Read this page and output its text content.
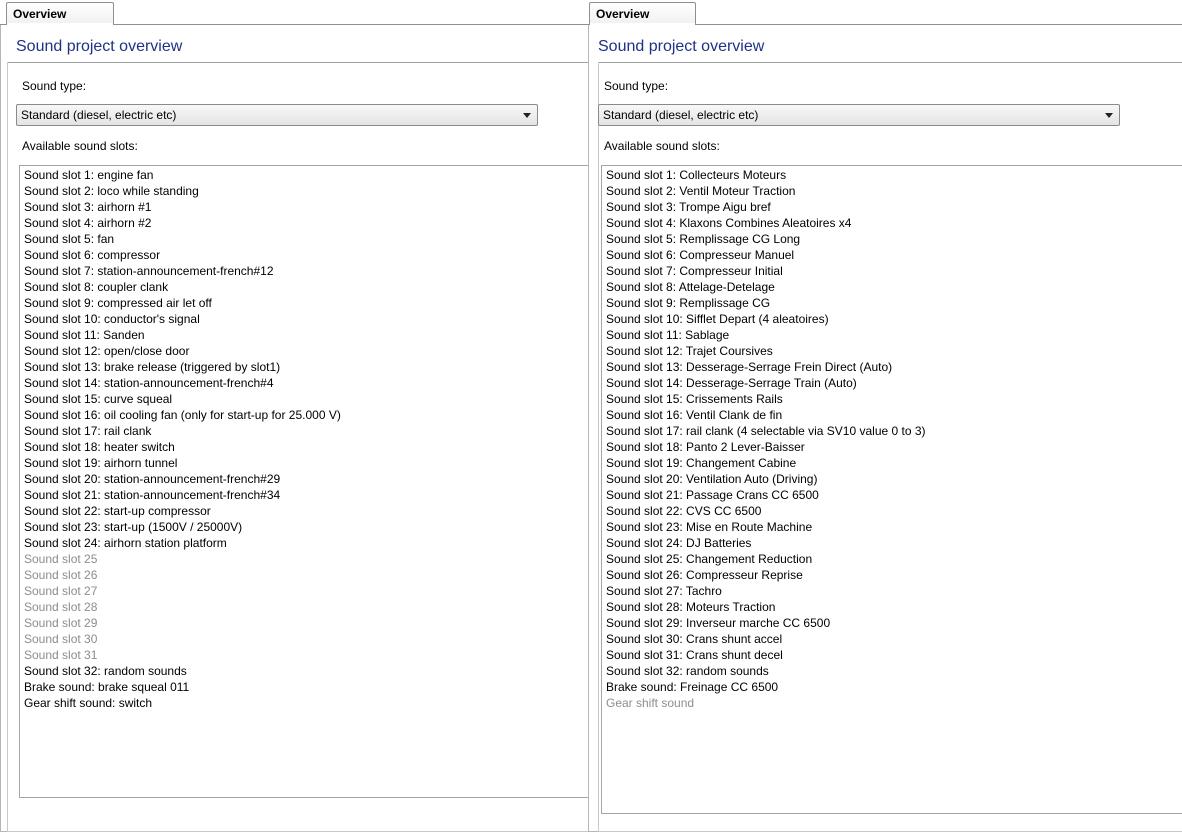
Overview
Sound project overview
Sound type:
Standard (diesel, electric etc)
Available sound slots:
Sound slot 1: engine fan
Sound slot 2: loco while standing
Sound slot 3: airhorn #1
Sound slot 4: airhorn #2
Sound slot 5: fan
Sound slot 6: compressor
Sound slot 7: station-announcement-french#12
Sound slot 8: coupler clank
Sound slot 9: compressed air let off
Sound slot 10: conductor's signal
Sound slot 11: Sanden
Sound slot 12: open/close door
Sound slot 13: brake release (triggered by slot1)
Sound slot 14: station-announcement-french#4
Sound slot 15: curve squeal
Sound slot 16: oil cooling fan (only for start-up for 25.000 V)
Sound slot 17: rail clank
Sound slot 18: heater switch
Sound slot 19: airhorn tunnel
Sound slot 20: station-announcement-french#29
Sound slot 21: station-announcement-french#34
Sound slot 22: start-up compressor
Sound slot 23: start-up (1500V / 25000V)
Sound slot 24: airhorn station platform
Sound slot 25
Sound slot 26
Sound slot 27
Sound slot 28
Sound slot 29
Sound slot 30
Sound slot 31
Sound slot 32: random sounds
Brake sound: brake squeal 011
Gear shift sound: switch
Overview
Sound project overview
Sound type:
Standard (diesel, electric etc)
Available sound slots:
Sound slot 1: Collecteurs Moteurs
Sound slot 2: Ventil Moteur Traction
Sound slot 3: Trompe Aigu bref
Sound slot 4: Klaxons Combines Aleatoires x4
Sound slot 5: Remplissage CG Long
Sound slot 6: Compresseur Manuel
Sound slot 7: Compresseur Initial
Sound slot 8: Attelage-Detelage
Sound slot 9: Remplissage CG
Sound slot 10: Sifflet Depart (4 aleatoires)
Sound slot 11: Sablage
Sound slot 12: Trajet Coursives
Sound slot 13: Desserage-Serrage Frein Direct (Auto)
Sound slot 14: Desserage-Serrage Train (Auto)
Sound slot 15: Crissements Rails
Sound slot 16: Ventil Clank de fin
Sound slot 17: rail clank (4 selectable via SV10 value 0 to 3)
Sound slot 18: Panto 2 Lever-Baisser
Sound slot 19: Changement Cabine
Sound slot 20: Ventilation Auto (Driving)
Sound slot 21: Passage Crans CC 6500
Sound slot 22: CVS CC 6500
Sound slot 23: Mise en Route Machine
Sound slot 24: DJ Batteries
Sound slot 25: Changement Reduction
Sound slot 26: Compresseur Reprise
Sound slot 27: Tachro
Sound slot 28: Moteurs Traction
Sound slot 29: Inverseur marche CC 6500
Sound slot 30: Crans shunt accel
Sound slot 31: Crans shunt decel
Sound slot 32: random sounds
Brake sound: Freinage CC 6500
Gear shift sound
